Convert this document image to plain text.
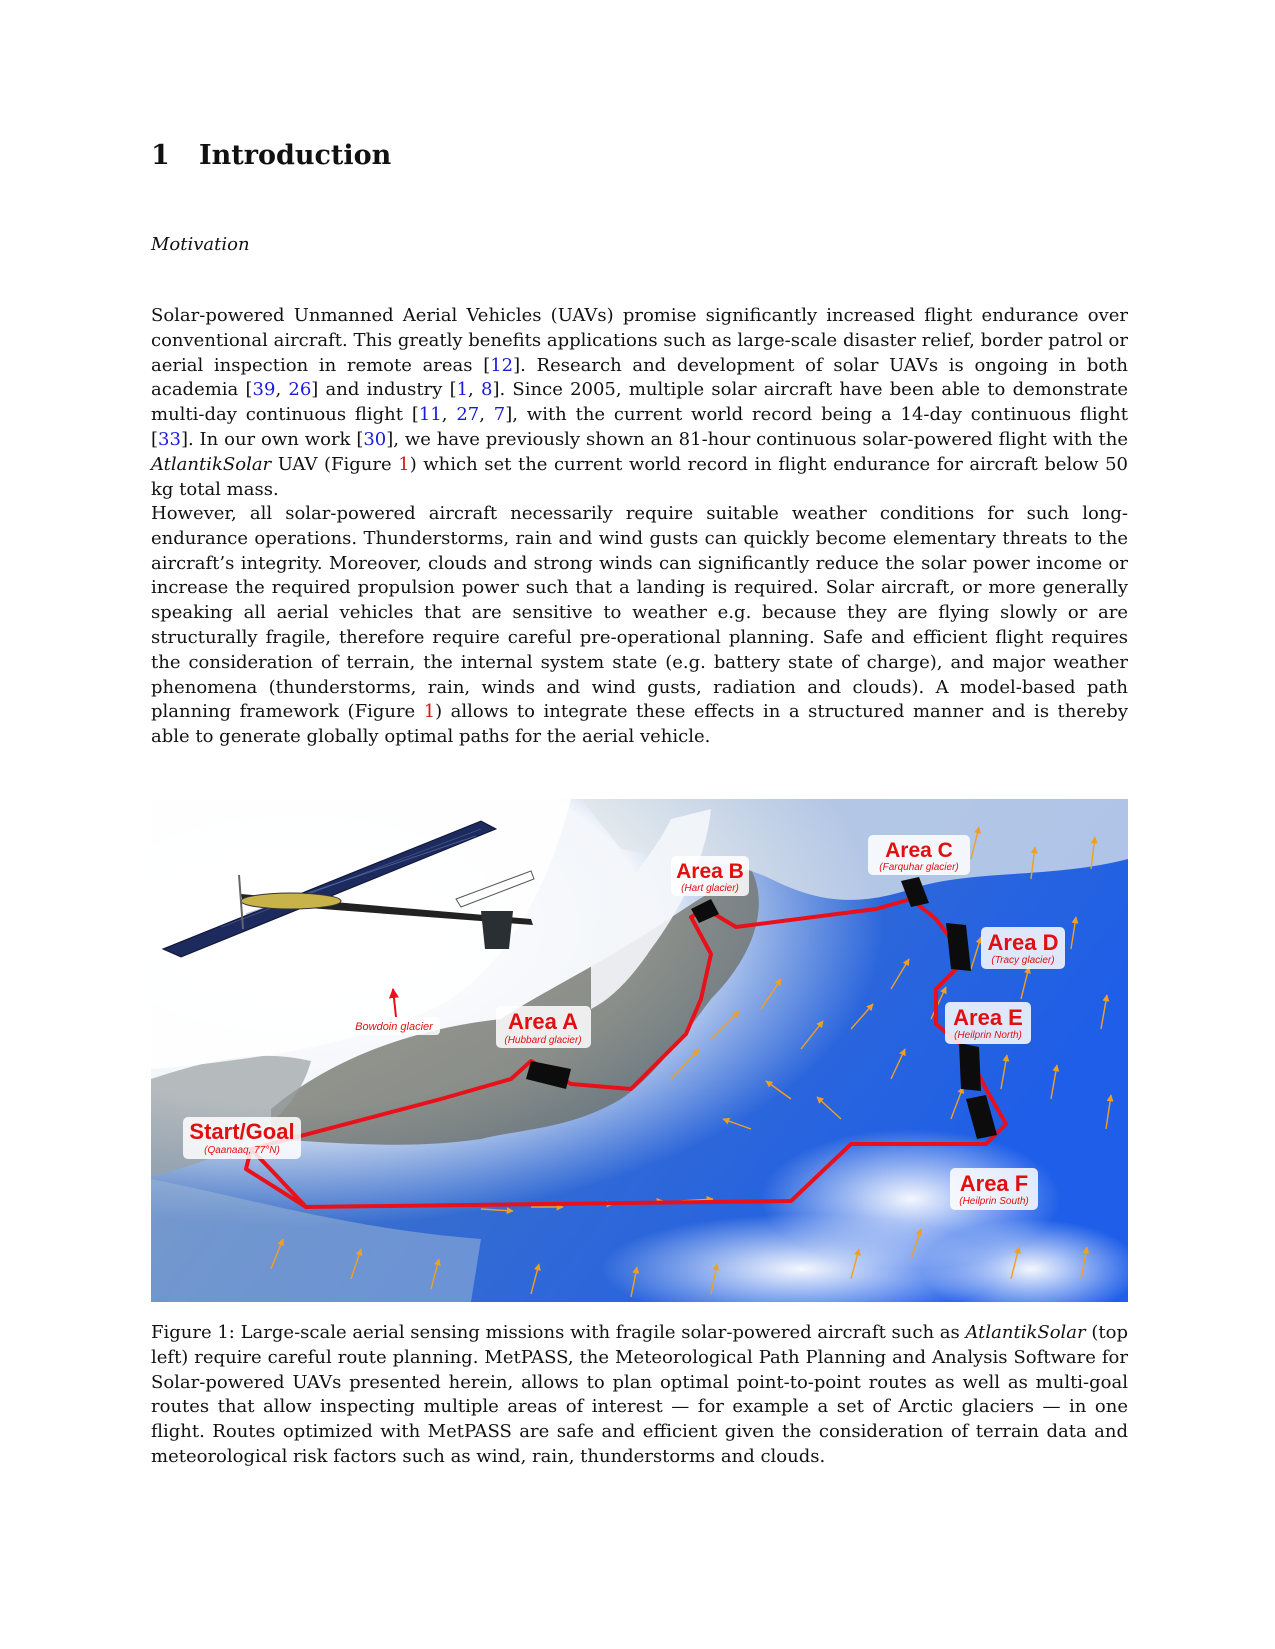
1 Introduction

Motivation

Solar-powered Unmanned Aerial Vehicles (UAVs) promise significantly increased flight endurance over conventional aircraft. This greatly benefits applications such as large-scale disaster relief, border patrol or aerial inspection in remote areas [12]. Research and development of solar UAVs is ongoing in both academia [39, 26] and industry [1, 8]. Since 2005, multiple solar aircraft have been able to demonstrate multi-day continuous flight [11, 27, 7], with the current world record being a 14-day continuous flight [33]. In our own work [30], we have previously shown an 81-hour continuous solar-powered flight with the AtlantikSolar UAV (Figure 1) which set the current world record in flight endurance for aircraft below 50 kg total mass.

However, all solar-powered aircraft necessarily require suitable weather conditions for such long-endurance operations. Thunderstorms, rain and wind gusts can quickly become elementary threats to the aircraft’s integrity. Moreover, clouds and strong winds can significantly reduce the solar power income or increase the required propulsion power such that a landing is required. Solar aircraft, or more generally speaking all aerial vehicles that are sensitive to weather e.g. because they are flying slowly or are structurally fragile, therefore require careful pre-operational planning. Safe and efficient flight requires the consideration of terrain, the internal system state (e.g. battery state of charge), and major weather phenomena (thunderstorms, rain, winds and wind gusts, radiation and clouds). A model-based path planning framework (Figure 1) allows to integrate these effects in a structured manner and is thereby able to generate globally optimal paths for the aerial vehicle.

Area A
(Hubbard glacier)
Area B
(Hart glacier)
Area C
(Farquhar glacier)
Area D
(Tracy glacier)
Area E
(Heilprin North)
Area F
(Heilprin South)
Start/Goal
(Qaanaaq, 77°N)
Bowdoin glacier

Figure 1: Large-scale aerial sensing missions with fragile solar-powered aircraft such as AtlantikSolar (top left) require careful route planning. MetPASS, the Meteorological Path Planning and Analysis Software for Solar-powered UAVs presented herein, allows to plan optimal point-to-point routes as well as multi-goal routes that allow inspecting multiple areas of interest — for example a set of Arctic glaciers — in one flight. Routes optimized with MetPASS are safe and efficient given the consideration of terrain data and meteorological risk factors such as wind, rain, thunderstorms and clouds.
